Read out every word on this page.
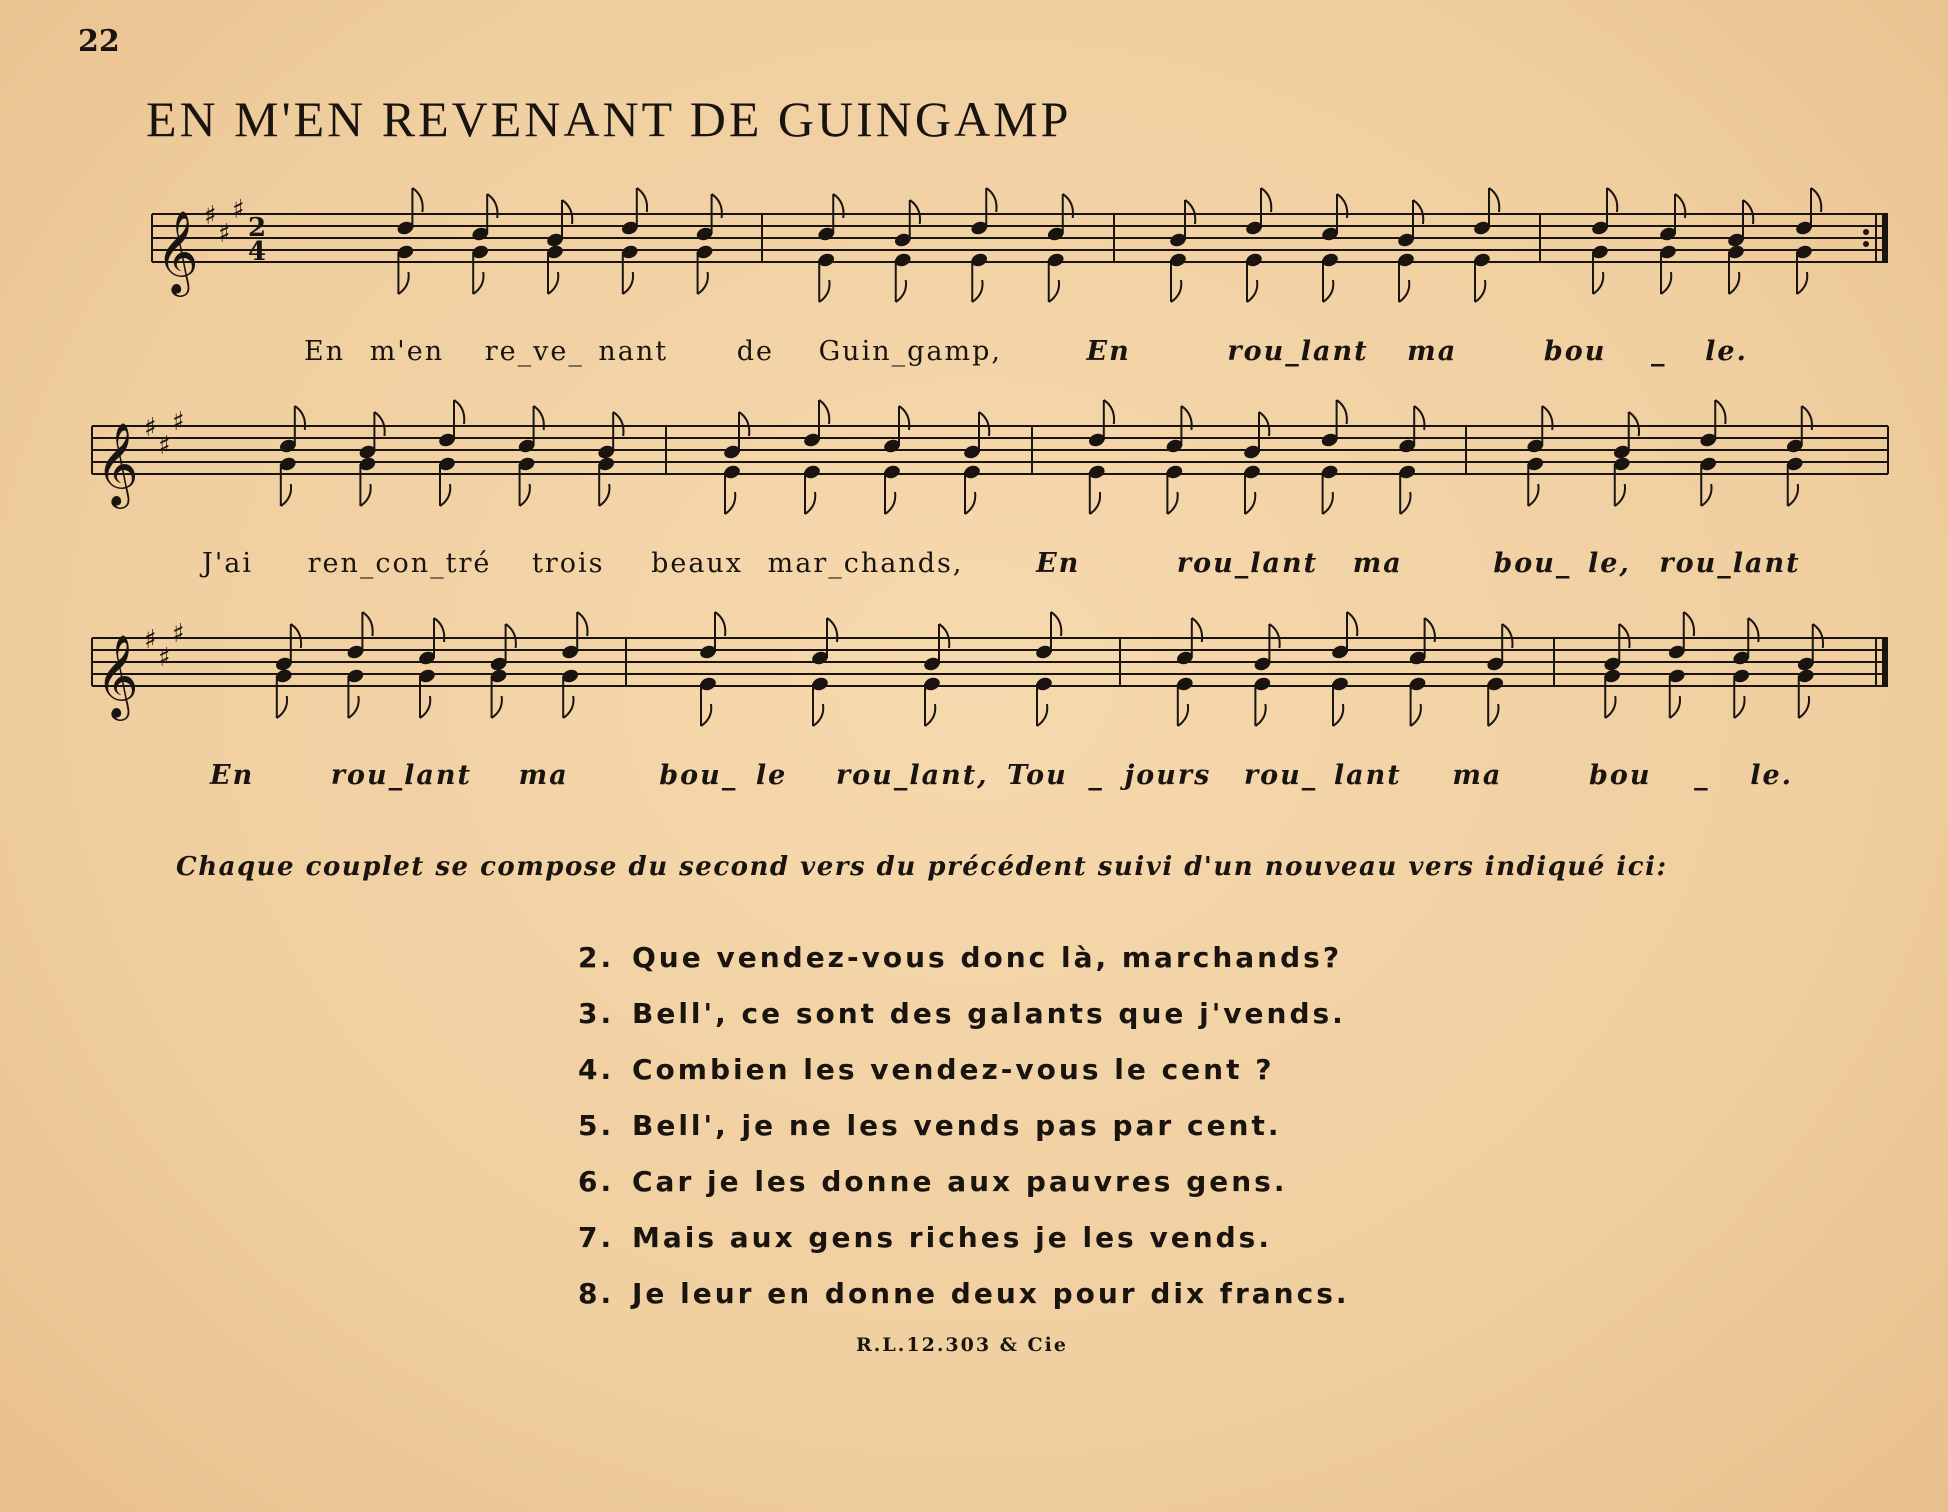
22
EN M'EN REVENANT DE GUINGAMP
𝄞 ♯
♯
♯
2
4
𝄞 ♯
♯
♯
𝄞 ♯
♯
♯
En m'en re_ve_ nant	de Guin_gamp,	En	rou_lant ma	bou _ le.
J'ai ren_con_tré trois beaux mar_chands,	En	rou_lant ma	bou_ le, rou_lant
En	rou_lant ma	bou_ le rou_lant, Tou _ jours rou_ lant ma	bou _ le.
Chaque couplet se compose du second vers du précédent suivi d'un nouveau vers indiqué ici:
2. Que vendez-vous donc là, marchands?
3. Bell', ce sont des galants que j'vends.
4. Combien les vendez-vous le cent ?
5. Bell', je ne les vends pas par cent.
6. Car je les donne aux pauvres gens.
7. Mais aux gens riches je les vends.
8. Je leur en donne deux pour dix francs.
R.L.12.303 & Cie
